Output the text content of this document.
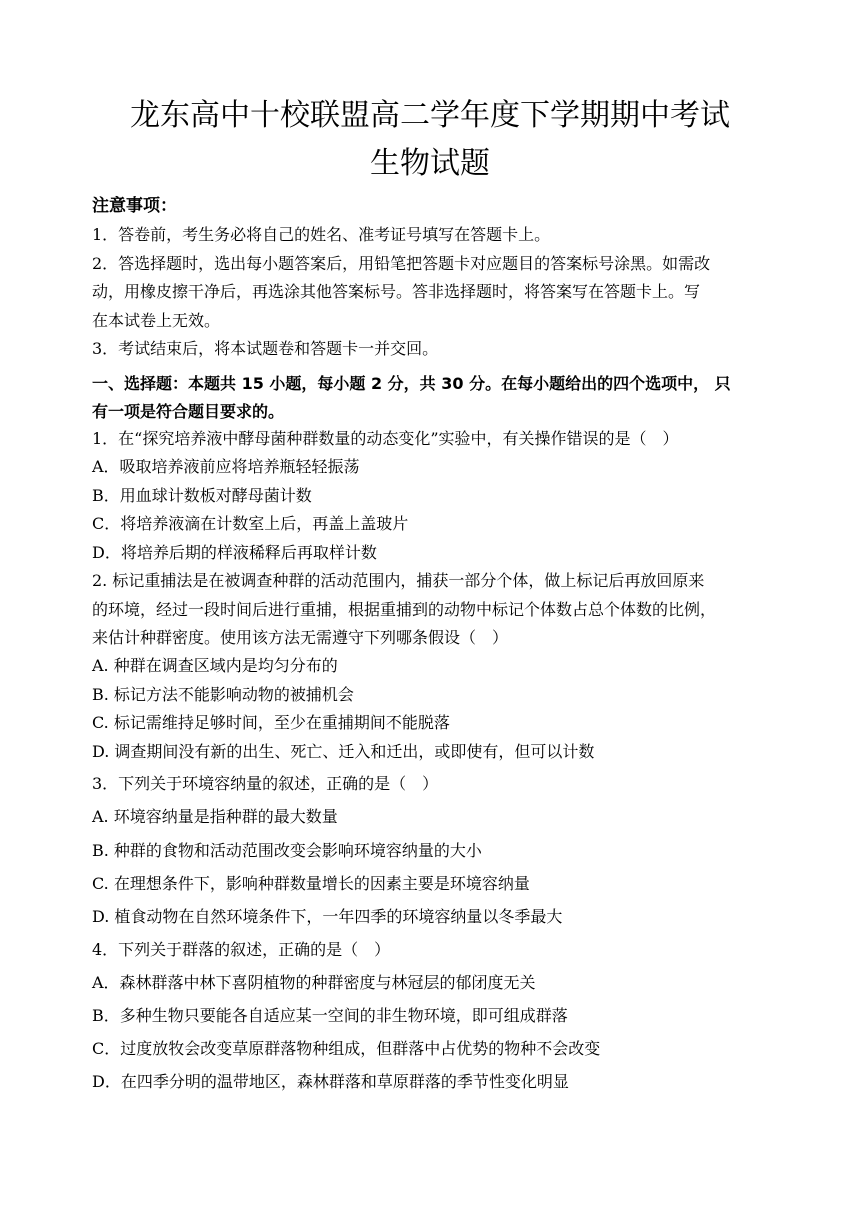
龙东高中十校联盟高二学年度下学期期中考试
生物试题
注意事项：
1．答卷前，考生务必将自己的姓名、准考证号填写在答题卡上。
2．答选择题时，选出每小题答案后，用铅笔把答题卡对应题目的答案标号涂黑。如需改
动，用橡皮擦干净后，再选涂其他答案标号。答非选择题时，将答案写在答题卡上。写
在本试卷上无效。
3．考试结束后，将本试题卷和答题卡一并交回。
一、选择题：本题共 15 小题，每小题 2 分，共 30 分。在每小题给出的四个选项中， 只
有一项是符合题目要求的。
1．在“探究培养液中酵母菌种群数量的动态变化”实验中，有关操作错误的是（　）
A．吸取培养液前应将培养瓶轻轻振荡
B．用血球计数板对酵母菌计数
C．将培养液滴在计数室上后，再盖上盖玻片
D．将培养后期的样液稀释后再取样计数
2. 标记重捕法是在被调查种群的活动范围内，捕获一部分个体，做上标记后再放回原来
的环境，经过一段时间后进行重捕，根据重捕到的动物中标记个体数占总个体数的比例，
来估计种群密度。使用该方法无需遵守下列哪条假设（　）
A. 种群在调查区域内是均匀分布的
B. 标记方法不能影响动物的被捕机会
C. 标记需维持足够时间，至少在重捕期间不能脱落
D. 调查期间没有新的出生、死亡、迁入和迁出，或即使有，但可以计数
3．下列关于环境容纳量的叙述，正确的是（　）
A. 环境容纳量是指种群的最大数量
B. 种群的食物和活动范围改变会影响环境容纳量的大小
C. 在理想条件下，影响种群数量增长的因素主要是环境容纳量
D. 植食动物在自然环境条件下，一年四季的环境容纳量以冬季最大
4．下列关于群落的叙述，正确的是（　）
A．森林群落中林下喜阴植物的种群密度与林冠层的郁闭度无关
B．多种生物只要能各自适应某一空间的非生物环境，即可组成群落
C．过度放牧会改变草原群落物种组成，但群落中占优势的物种不会改变
D．在四季分明的温带地区，森林群落和草原群落的季节性变化明显
